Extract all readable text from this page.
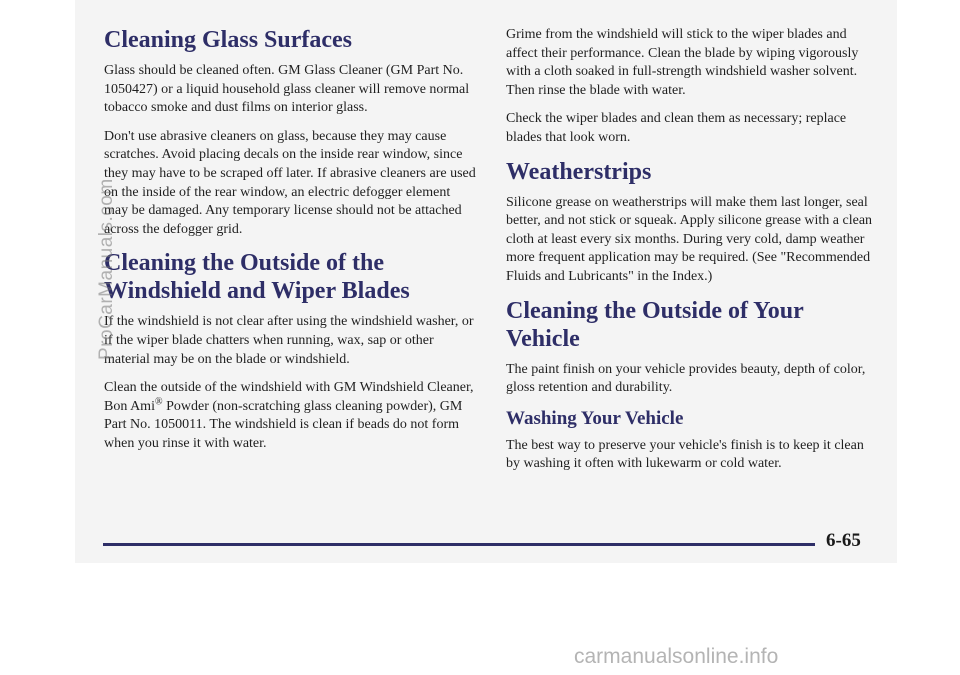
Cleaning Glass Surfaces

Glass should be cleaned often. GM Glass Cleaner (GM Part No. 1050427) or a liquid household glass cleaner will remove normal tobacco smoke and dust films on interior glass.

Don't use abrasive cleaners on glass, because they may cause scratches. Avoid placing decals on the inside rear window, since they may have to be scraped off later. If abrasive cleaners are used on the inside of the rear window, an electric defogger element may be damaged. Any temporary license should not be attached across the defogger grid.

Cleaning the Outside of the Windshield and Wiper Blades

If the windshield is not clear after using the windshield washer, or if the wiper blade chatters when running, wax, sap or other material may be on the blade or windshield.

Clean the outside of the windshield with GM Windshield Cleaner, Bon Ami® Powder (non-scratching glass cleaning powder), GM Part No. 1050011. The windshield is clean if beads do not form when you rinse it with water.

Grime from the windshield will stick to the wiper blades and affect their performance. Clean the blade by wiping vigorously with a cloth soaked in full-strength windshield washer solvent. Then rinse the blade with water.

Check the wiper blades and clean them as necessary; replace blades that look worn.

Weatherstrips

Silicone grease on weatherstrips will make them last longer, seal better, and not stick or squeak. Apply silicone grease with a clean cloth at least every six months. During very cold, damp weather more frequent application may be required. (See "Recommended Fluids and Lubricants" in the Index.)

Cleaning the Outside of Your Vehicle

The paint finish on your vehicle provides beauty, depth of color, gloss retention and durability.

Washing Your Vehicle

The best way to preserve your vehicle's finish is to keep it clean by washing it often with lukewarm or cold water.

6-65
ProCarManuals.com
carmanualsonline.info
